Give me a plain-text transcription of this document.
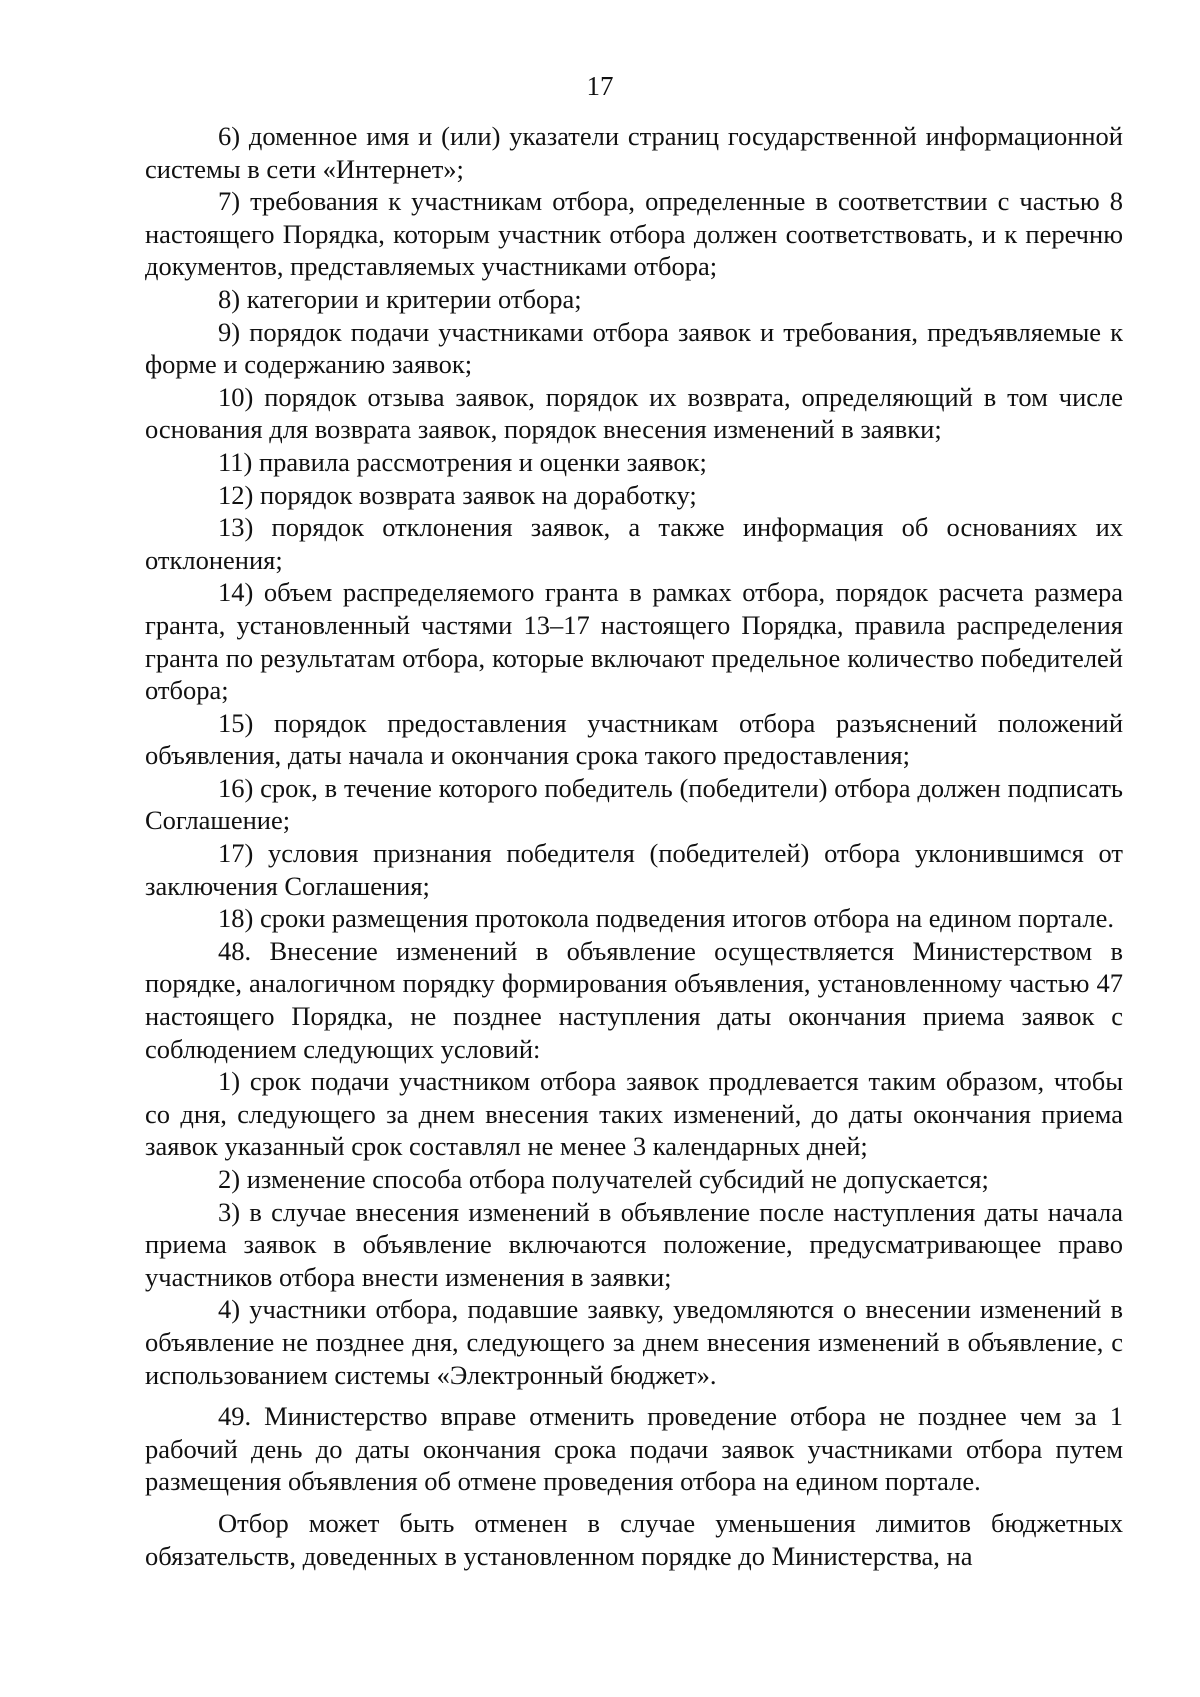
17

6) доменное имя и (или) указатели страниц государственной информационной системы в сети «Интернет»;

7) требования к участникам отбора, определенные в соответствии с частью 8 настоящего Порядка, которым участник отбора должен соответствовать, и к перечню документов, представляемых участниками отбора;

8) категории и критерии отбора;

9) порядок подачи участниками отбора заявок и требования, предъявляемые к форме и содержанию заявок;

10) порядок отзыва заявок, порядок их возврата, определяющий в том числе основания для возврата заявок, порядок внесения изменений в заявки;

11) правила рассмотрения и оценки заявок;

12) порядок возврата заявок на доработку;

13) порядок отклонения заявок, а также информация об основаниях их отклонения;

14) объем распределяемого гранта в рамках отбора, порядок расчета размера гранта, установленный частями 13–17 настоящего Порядка, правила распределения гранта по результатам отбора, которые включают предельное количество победителей отбора;

15) порядок предоставления участникам отбора разъяснений положений объявления, даты начала и окончания срока такого предоставления;

16) срок, в течение которого победитель (победители) отбора должен подписать Соглашение;

17) условия признания победителя (победителей) отбора уклонившимся от заключения Соглашения;

18) сроки размещения протокола подведения итогов отбора на едином портале.

48. Внесение изменений в объявление осуществляется Министерством в порядке, аналогичном порядку формирования объявления, установленному частью 47 настоящего Порядка, не позднее наступления даты окончания приема заявок с соблюдением следующих условий:

1) срок подачи участником отбора заявок продлевается таким образом, чтобы со дня, следующего за днем внесения таких изменений, до даты окончания приема заявок указанный срок составлял не менее 3 календарных дней;

2) изменение способа отбора получателей субсидий не допускается;

3) в случае внесения изменений в объявление после наступления даты начала приема заявок в объявление включаются положение, предусматривающее право участников отбора внести изменения в заявки;

4) участники отбора, подавшие заявку, уведомляются о внесении изменений в объявление не позднее дня, следующего за днем внесения изменений в объявление, с использованием системы «Электронный бюджет».

49. Министерство вправе отменить проведение отбора не позднее чем за 1 рабочий день до даты окончания срока подачи заявок участниками отбора путем размещения объявления об отмене проведения отбора на едином портале.

Отбор может быть отменен в случае уменьшения лимитов бюджетных обязательств, доведенных в установленном порядке до Министерства, на
